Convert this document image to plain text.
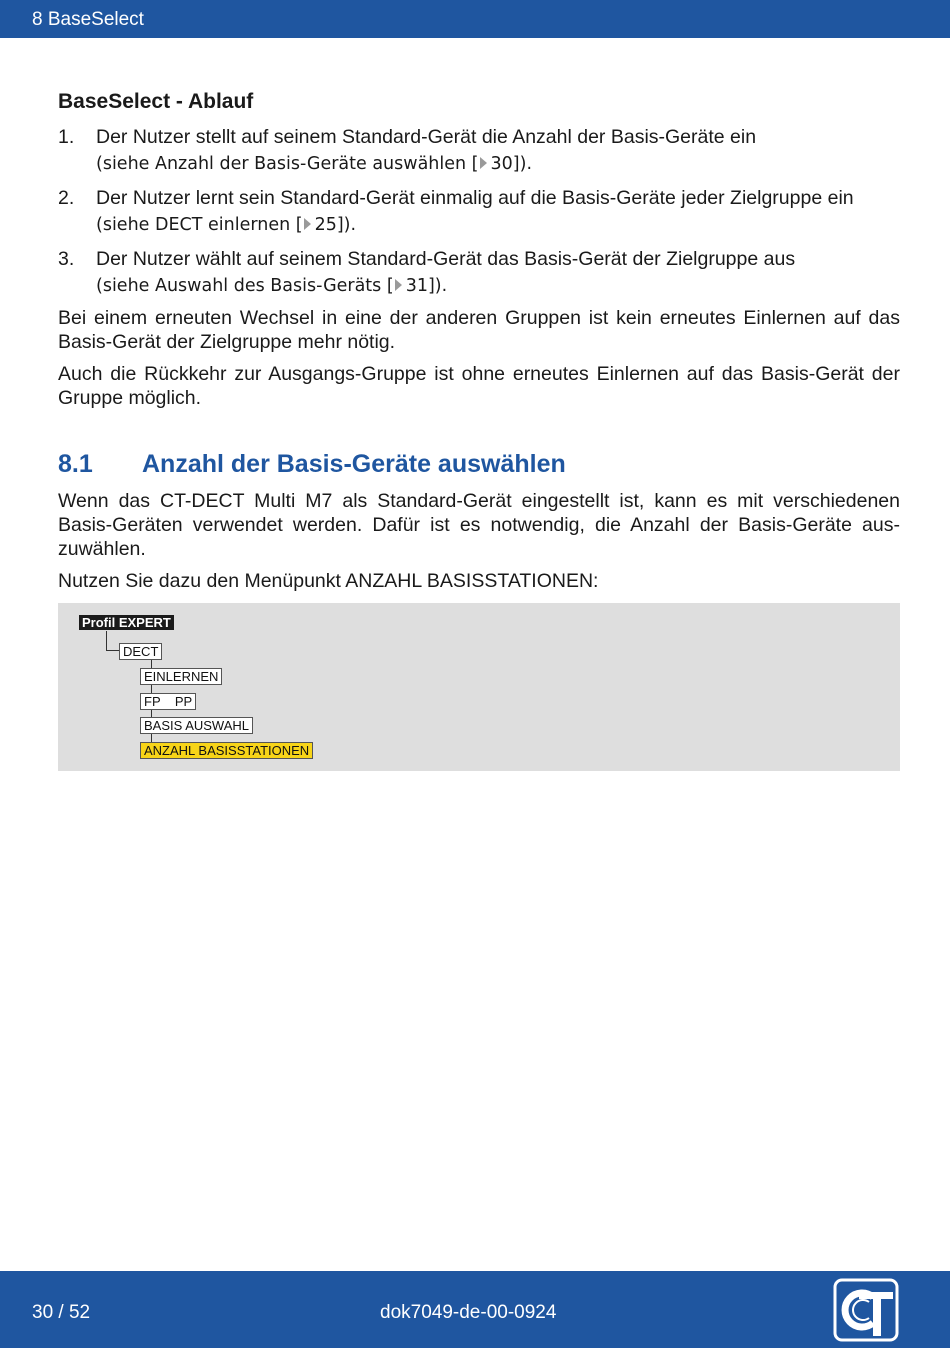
8 BaseSelect
BaseSelect - Ablauf
1. Der Nutzer stellt auf seinem Standard-Gerät die Anzahl der Basis-Geräte ein
(siehe Anzahl der Basis-Geräte auswählen [ 30]).
2. Der Nutzer lernt sein Standard-Gerät einmalig auf die Basis-Geräte jeder Zielgruppe ein
(siehe DECT einlernen [ 25]).
3. Der Nutzer wählt auf seinem Standard-Gerät das Basis-Gerät der Zielgruppe aus
(siehe Auswahl des Basis-Geräts [ 31]).

Bei einem erneuten Wechsel in eine der anderen Gruppen ist kein erneutes Einlernen auf das Basis-Gerät der Zielgruppe mehr nötig.

Auch die Rückkehr zur Ausgangs-Gruppe ist ohne erneutes Einlernen auf das Basis-Gerät der Gruppe möglich.

8.1 Anzahl der Basis-Geräte auswählen

Wenn das CT-DECT Multi M7 als Standard-Gerät eingestellt ist, kann es mit verschiedenen Basis-Geräten verwendet werden. Dafür ist es notwendig, die Anzahl der Basis-Geräte aus-zuwählen.

Nutzen Sie dazu den Menüpunkt ANZAHL BASISSTATIONEN:

Profil EXPERT
DECT
EINLERNEN
FP    PP
BASIS AUSWAHL
ANZAHL BASISSTATIONEN
30 / 52	dok7049-de-00-0924
